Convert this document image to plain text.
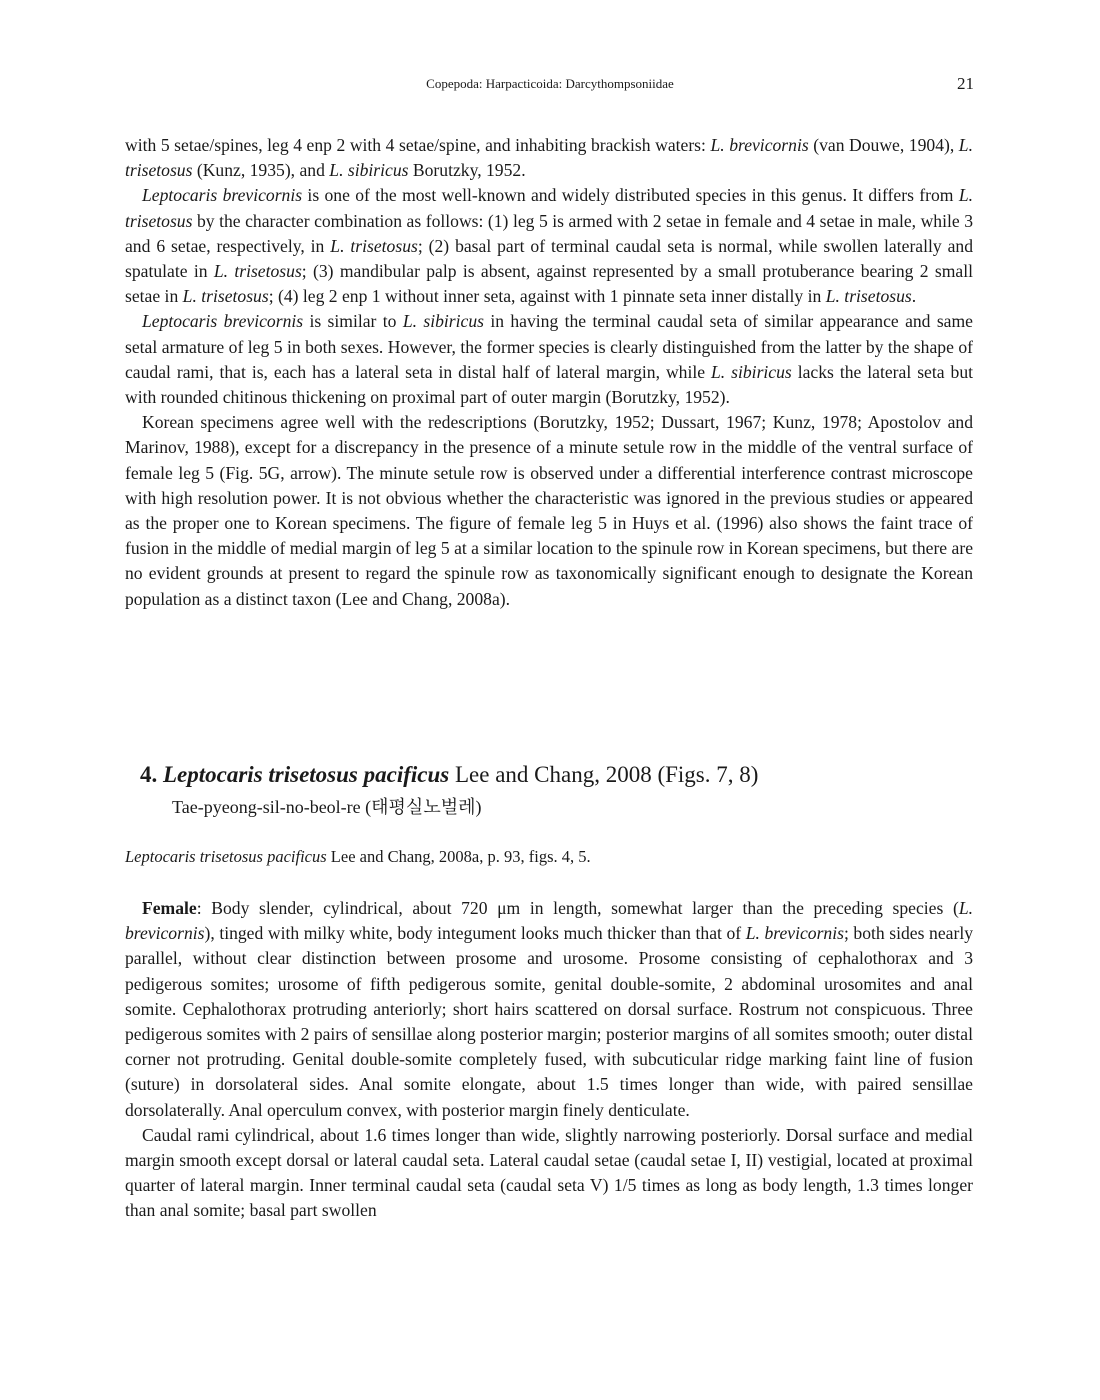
Copepoda: Harpacticoida: Darcythompsoniidae	21

with 5 setae/spines, leg 4 enp 2 with 4 setae/spine, and inhabiting brackish waters: L. brevicornis (van Douwe, 1904), L. trisetosus (Kunz, 1935), and L. sibiricus Borutzky, 1952.

Leptocaris brevicornis is one of the most well-known and widely distributed species in this genus. It differs from L. trisetosus by the character combination as follows: (1) leg 5 is armed with 2 setae in female and 4 setae in male, while 3 and 6 setae, respectively, in L. trisetosus; (2) basal part of terminal caudal seta is normal, while swollen laterally and spatulate in L. trisetosus; (3) mandibular palp is absent, against represented by a small protuberance bearing 2 small setae in L. trisetosus; (4) leg 2 enp 1 without inner seta, against with 1 pinnate seta inner distally in L. trisetosus.

Leptocaris brevicornis is similar to L. sibiricus in having the terminal caudal seta of similar appearance and same setal armature of leg 5 in both sexes. However, the former species is clearly distinguished from the latter by the shape of caudal rami, that is, each has a lateral seta in distal half of lateral margin, while L. sibiricus lacks the lateral seta but with rounded chitinous thickening on proximal part of outer margin (Borutzky, 1952).

Korean specimens agree well with the redescriptions (Borutzky, 1952; Dussart, 1967; Kunz, 1978; Apostolov and Marinov, 1988), except for a discrepancy in the presence of a minute setule row in the middle of the ventral surface of female leg 5 (Fig. 5G, arrow). The minute setule row is observed under a differential interference contrast microscope with high resolution power. It is not obvious whether the characteristic was ignored in the previous studies or appeared as the proper one to Korean specimens. The figure of female leg 5 in Huys et al. (1996) also shows the faint trace of fusion in the middle of medial margin of leg 5 at a similar location to the spinule row in Korean specimens, but there are no evident grounds at present to regard the spinule row as taxonomically significant enough to designate the Korean population as a distinct taxon (Lee and Chang, 2008a).

4. Leptocaris trisetosus pacificus Lee and Chang, 2008 (Figs. 7, 8)
Tae-pyeong-sil-no-beol-re (태평실노벌레)
Leptocaris trisetosus pacificus Lee and Chang, 2008a, p. 93, figs. 4, 5.

Female: Body slender, cylindrical, about 720 μm in length, somewhat larger than the preceding species (L. brevicornis), tinged with milky white, body integument looks much thicker than that of L. brevicornis; both sides nearly parallel, without clear distinction between prosome and urosome. Prosome consisting of cephalothorax and 3 pedigerous somites; urosome of fifth pedigerous somite, genital double-somite, 2 abdominal urosomites and anal somite. Cephalothorax protruding anteriorly; short hairs scattered on dorsal surface. Rostrum not conspicuous. Three pedigerous somites with 2 pairs of sensillae along posterior margin; posterior margins of all somites smooth; outer distal corner not protruding. Genital double-somite completely fused, with subcuticular ridge marking faint line of fusion (suture) in dorsolateral sides. Anal somite elongate, about 1.5 times longer than wide, with paired sensillae dorsolaterally. Anal operculum convex, with posterior margin finely denticulate.

Caudal rami cylindrical, about 1.6 times longer than wide, slightly narrowing posteriorly. Dorsal surface and medial margin smooth except dorsal or lateral caudal seta. Lateral caudal setae (caudal setae I, II) vestigial, located at proximal quarter of lateral margin. Inner terminal caudal seta (caudal seta V) 1/5 times as long as body length, 1.3 times longer than anal somite; basal part swollen
